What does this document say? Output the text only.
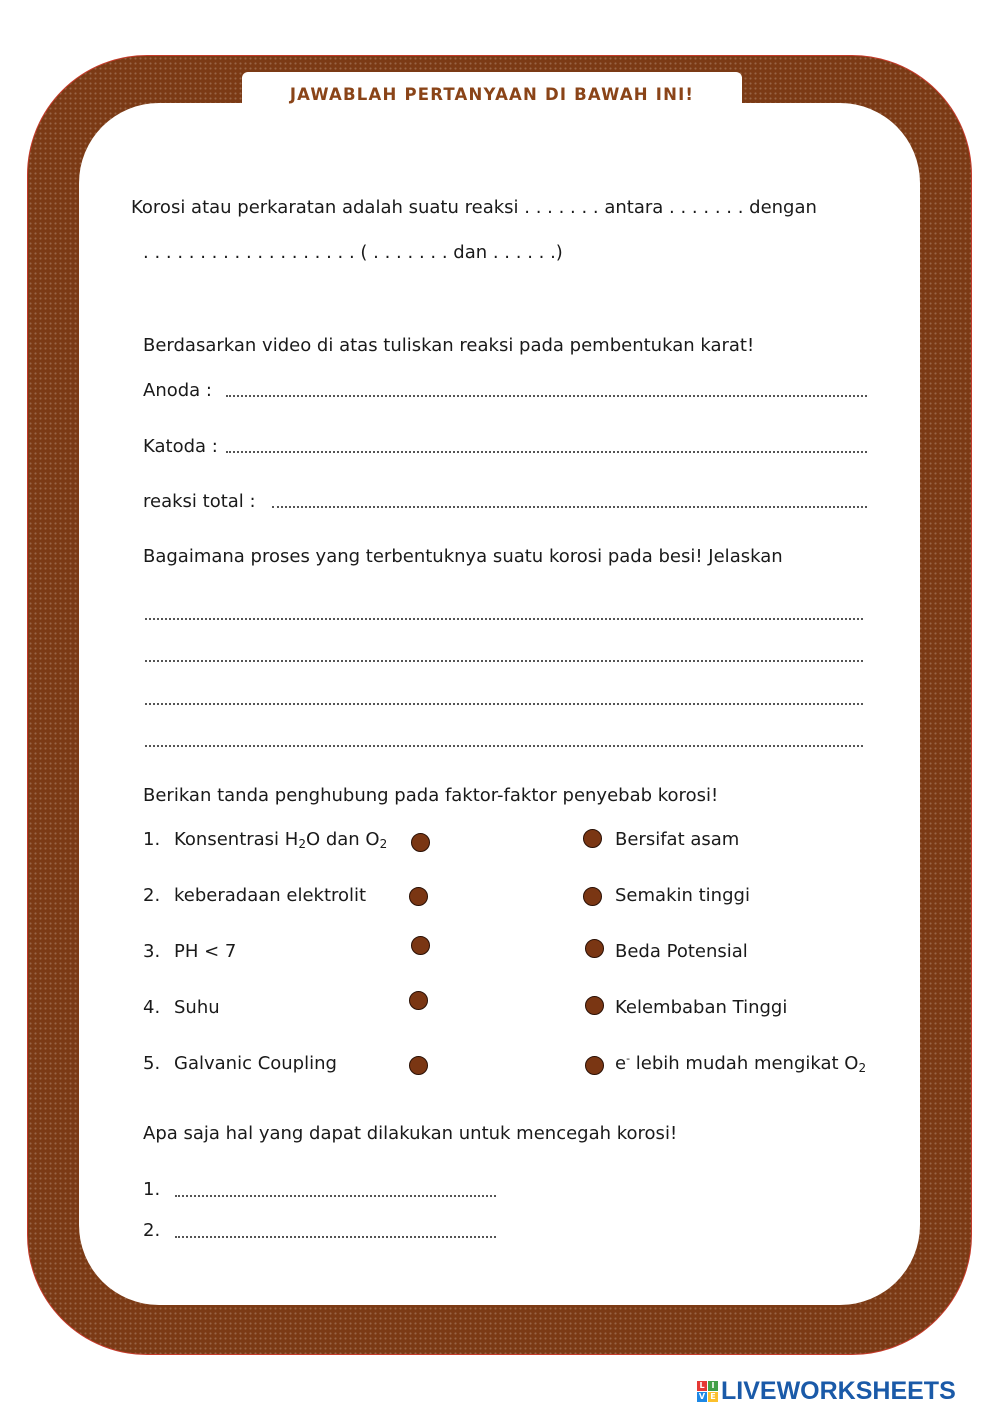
JAWABLAH PERTANYAAN DI BAWAH INI!
Korosi atau perkaratan adalah suatu reaksi . . . . . . . antara . . . . . . . dengan
. . . . . . . . . . . . . . . . . . . ( . . . . . . . dan . . . . . .)
Berdasarkan video di atas tuliskan reaksi pada pembentukan karat!
Anoda :
Katoda :
reaksi total :
Bagaimana proses yang terbentuknya suatu korosi pada besi! Jelaskan
Berikan tanda penghubung pada faktor-faktor penyebab korosi!
1. Konsentrasi H2O dan O2
2. keberadaan elektrolit
3. PH < 7
4. Suhu
5. Galvanic Coupling
Bersifat asam
Semakin tinggi
Beda Potensial
Kelembaban Tinggi
e- lebih mudah mengikat O2
Apa saja hal yang dapat dilakukan untuk mencegah korosi!
1.
2.
L I
V E LIVEWORKSHEETS
